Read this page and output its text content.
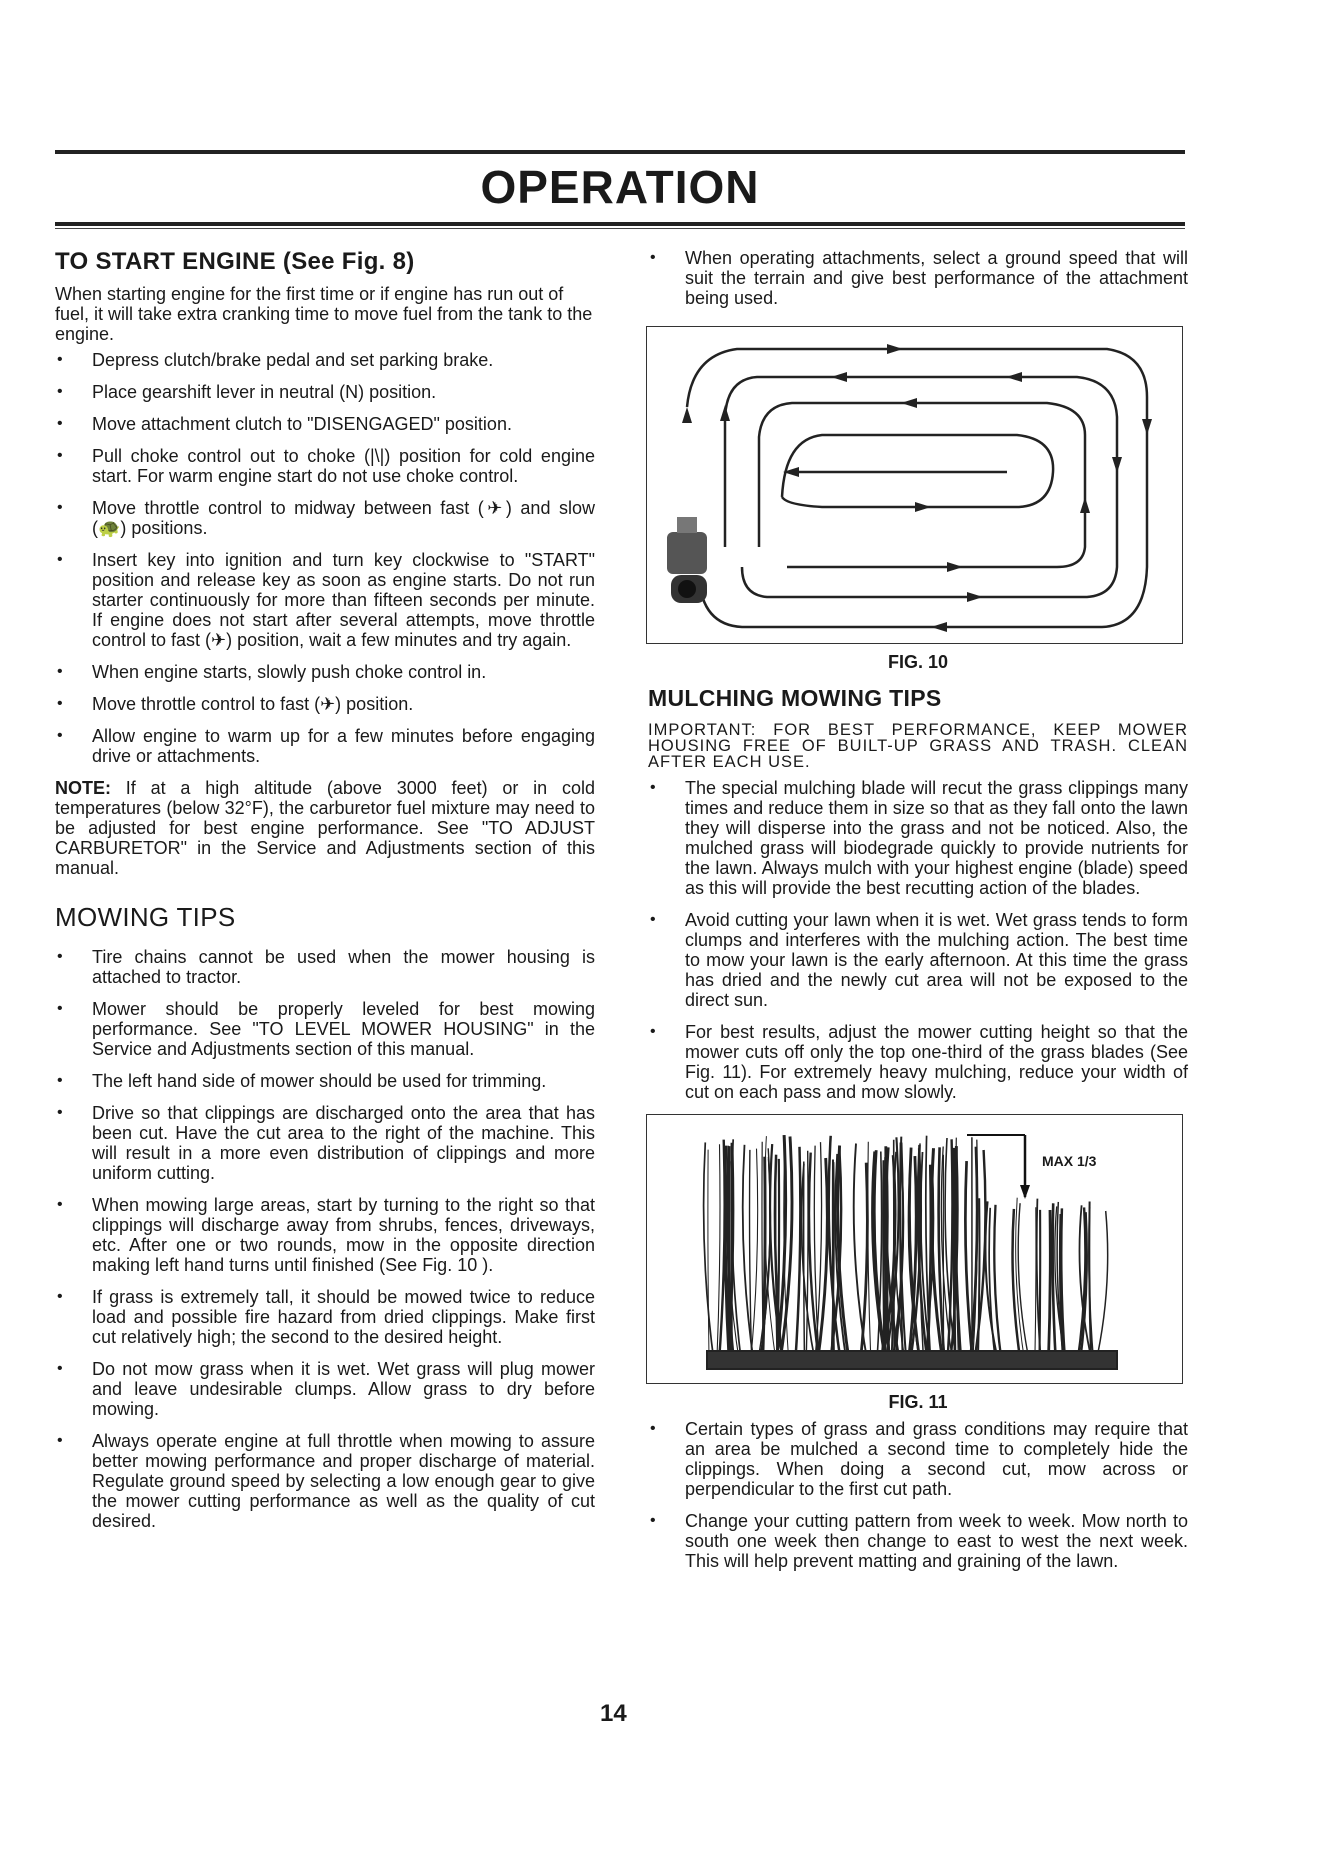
OPERATION
TO START ENGINE (See Fig. 8)

When starting engine for the first time or if engine has run out of fuel, it will take extra cranking time to move fuel from the tank to the engine.

• Depress clutch/brake pedal and set parking brake.
• Place gearshift lever in neutral (N) position.
• Move attachment clutch to "DISENGAGED" position.
• Pull choke control out to choke (|\|) position for cold engine start. For warm engine start do not use choke control.
• Move throttle control to midway between fast (✈) and slow (🐢) positions.
• Insert key into ignition and turn key clockwise to "START" position and release key as soon as engine starts. Do not run starter continuously for more than fifteen seconds per minute. If engine does not start after several attempts, move throttle control to fast (✈) position, wait a few minutes and try again.
• When engine starts, slowly push choke control in.
• Move throttle control to fast (✈) position.
• Allow engine to warm up for a few minutes before engaging drive or attachments.

NOTE: If at a high altitude (above 3000 feet) or in cold temperatures (below 32°F), the carburetor fuel mixture may need to be adjusted for best engine performance. See "TO ADJUST CARBURETOR" in the Service and Adjustments section of this manual.

MOWING TIPS
• Tire chains cannot be used when the mower housing is attached to tractor.
• Mower should be properly leveled for best mowing performance. See "TO LEVEL MOWER HOUSING" in the Service and Adjustments section of this manual.
• The left hand side of mower should be used for trimming.
• Drive so that clippings are discharged onto the area that has been cut. Have the cut area to the right of the machine. This will result in a more even distribution of clippings and more uniform cutting.
• When mowing large areas, start by turning to the right so that clippings will discharge away from shrubs, fences, driveways, etc. After one or two rounds, mow in the opposite direction making left hand turns until finished (See Fig. 10 ).
• If grass is extremely tall, it should be mowed twice to reduce load and possible fire hazard from dried clippings. Make first cut relatively high; the second to the desired height.
• Do not mow grass when it is wet. Wet grass will plug mower and leave undesirable clumps. Allow grass to dry before mowing.
• Always operate engine at full throttle when mowing to assure better mowing performance and proper discharge of material. Regulate ground speed by selecting a low enough gear to give the mower cutting performance as well as the quality of cut desired.
• When operating attachments, select a ground speed that will suit the terrain and give best performance of the attachment being used.
FIG. 10
MULCHING MOWING TIPS

IMPORTANT: FOR BEST PERFORMANCE, KEEP MOWER HOUSING FREE OF BUILT-UP GRASS AND TRASH. CLEAN AFTER EACH USE.

• The special mulching blade will recut the grass clippings many times and reduce them in size so that as they fall onto the lawn they will disperse into the grass and not be noticed. Also, the mulched grass will biodegrade quickly to provide nutrients for the lawn. Always mulch with your highest engine (blade) speed as this will provide the best recutting action of the blades.
• Avoid cutting your lawn when it is wet. Wet grass tends to form clumps and interferes with the mulching action. The best time to mow your lawn is the early afternoon. At this time the grass has dried and the newly cut area will not be exposed to the direct sun.
• For best results, adjust the mower cutting height so that the mower cuts off only the top one-third of the grass blades (See Fig. 11). For extremely heavy mulching, reduce your width of cut on each pass and mow slowly.
MAX 1/3
FIG. 11
• Certain types of grass and grass conditions may require that an area be mulched a second time to completely hide the clippings. When doing a second cut, mow across or perpendicular to the first cut path.
• Change your cutting pattern from week to week. Mow north to south one week then change to east to west the next week. This will help prevent matting and graining of the lawn.
14
